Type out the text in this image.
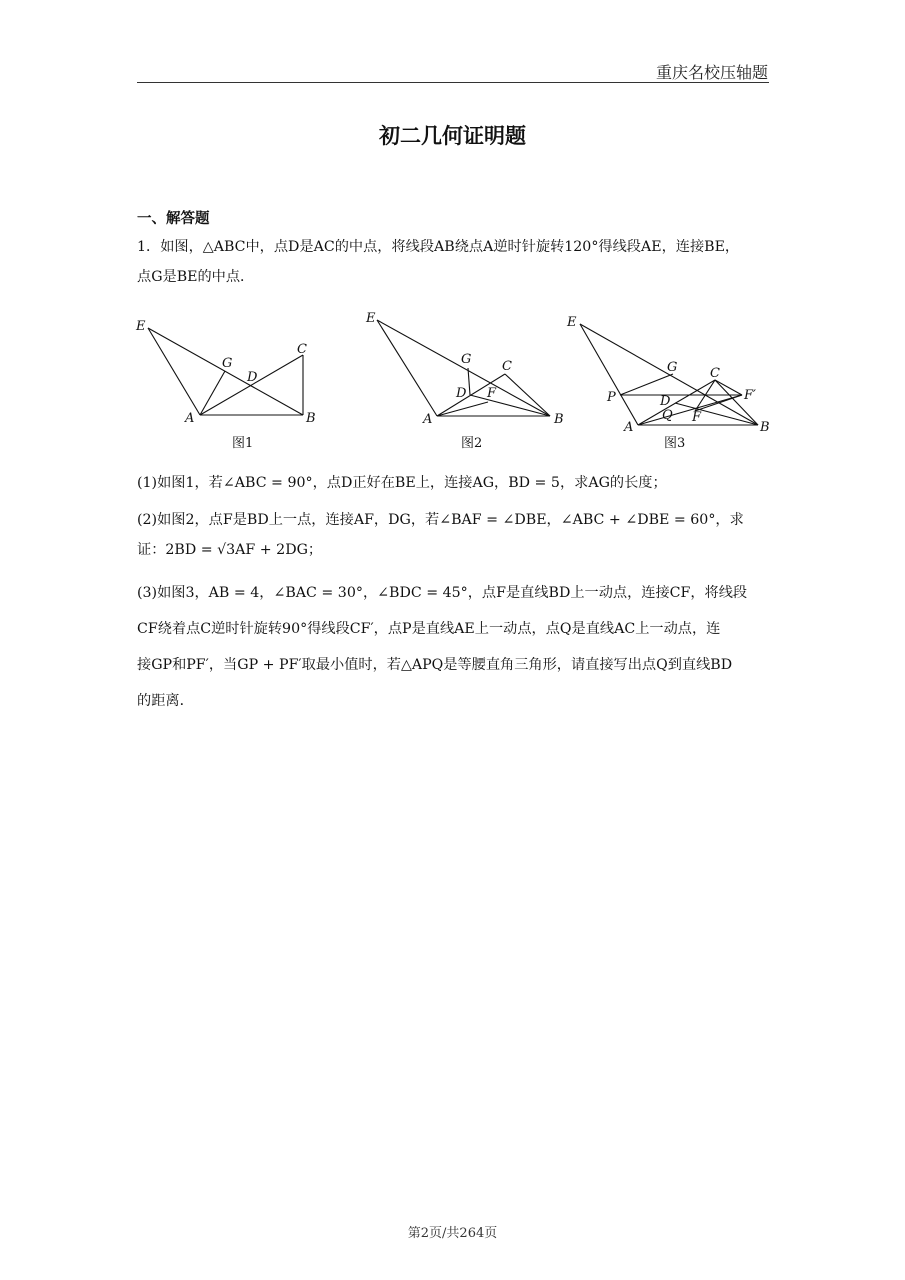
重庆名校压轴题
初二几何证明题
一、解答题
1．如图，△ABC中，点D是AC的中点，将线段AB绕点A逆时针旋转120°得线段AE，连接BE，
点G是BE的中点．
E
G
D
C
A	B
图1
E
G C
D F
A	B
图2
E
G	C
P	D	F′
Q F
A	B
图3
(1)如图1，若∠ABC = 90°，点D正好在BE上，连接AG，BD = 5，求AG的长度；
(2)如图2，点F是BD上一点，连接AF，DG，若∠BAF = ∠DBE，∠ABC + ∠DBE = 60°，求
证：2BD = √3AF + 2DG；
(3)如图3，AB = 4，∠BAC = 30°，∠BDC = 45°，点F是直线BD上一动点，连接CF，将线段
CF绕着点C逆时针旋转90°得线段CF′，点P是直线AE上一动点，点Q是直线AC上一动点，连
接GP和PF′，当GP + PF′取最小值时，若△APQ是等腰直角三角形，请直接写出点Q到直线BD
的距离．
第2页/共264页
